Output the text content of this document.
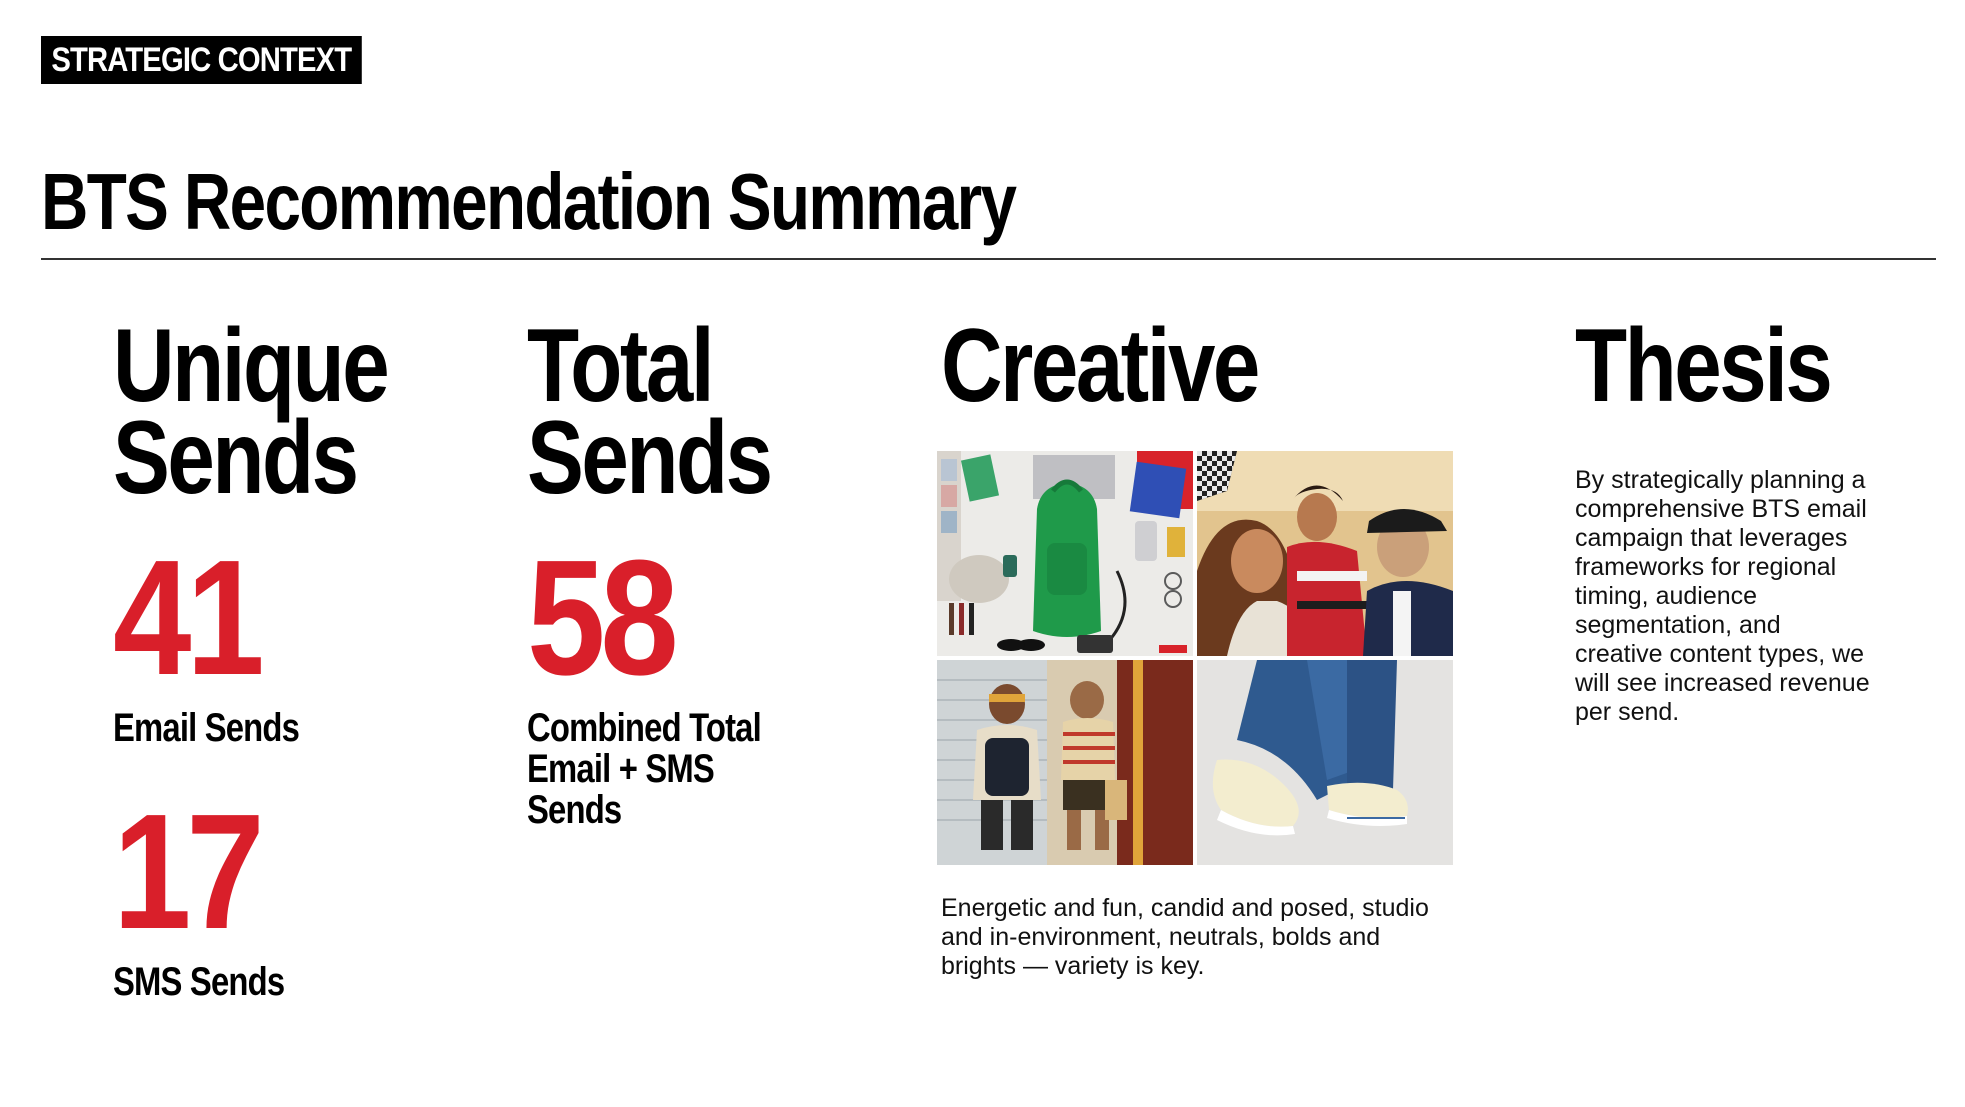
STRATEGIC CONTEXT
BTS Recommendation Summary
Unique
Sends
41
Email Sends
17
SMS Sends
Total
Sends
58
Combined Total
Email + SMS
Sends
Creative
Energetic and fun, candid and posed, studio and in-environment, neutrals, bolds and brights — variety is key.
Thesis
By strategically planning a comprehensive BTS email campaign that leverages frameworks for regional timing, audience segmentation, and creative content types, we will see increased revenue per send.
